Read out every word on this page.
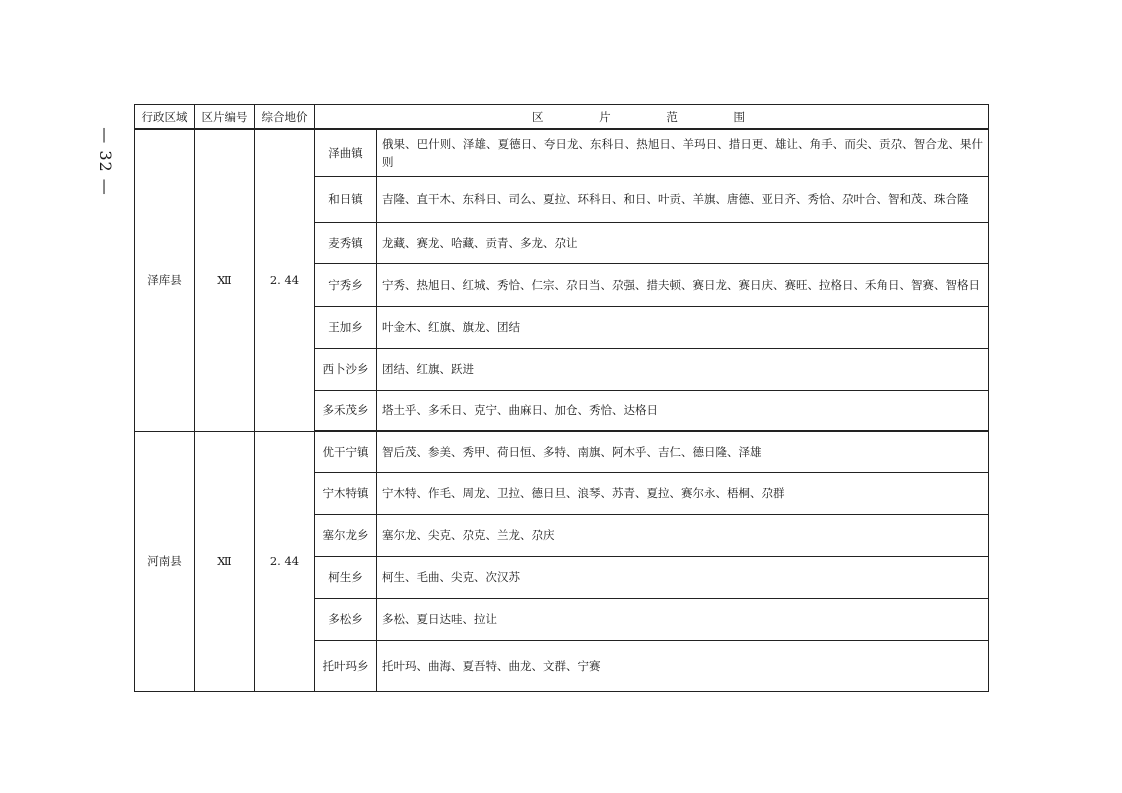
— 32 —
行政区域	区片编号	综合地价	区 片 范 围	
泽库县	Ⅻ	2. 44	泽曲镇	俄果、巴什则、泽雄、夏德日、夸日龙、东科日、热旭日、羊玛日、措日更、雄让、角手、而尖、贡尕、智合龙、果什则
			和日镇	吉隆、直干木、东科日、司么、夏拉、环科日、和日、叶贡、羊旗、唐德、亚日齐、秀恰、尕叶合、智和茂、珠合隆
			麦秀镇	龙藏、赛龙、哈藏、贡青、多龙、尕让
			宁秀乡	宁秀、热旭日、红城、秀恰、仁宗、尕日当、尕强、措夫顿、赛日龙、赛日庆、赛旺、拉格日、禾角日、智赛、智格日
			王加乡	叶金木、红旗、旗龙、团结
			西卜沙乡	团结、红旗、跃进
			多禾茂乡	塔土乎、多禾日、克宁、曲麻日、加仓、秀恰、达格日
河南县	Ⅻ	2. 44	优干宁镇	智后茂、参美、秀甲、荷日恒、多特、南旗、阿木乎、吉仁、德日隆、泽雄
			宁木特镇	宁木特、作毛、周龙、卫拉、德日旦、浪琴、苏青、夏拉、赛尔永、梧桐、尕群
			塞尔龙乡	塞尔龙、尖克、尕克、兰龙、尕庆
			柯生乡	柯生、毛曲、尖克、次汉苏
			多松乡	多松、夏日达哇、拉让
			托叶玛乡	托叶玛、曲海、夏吾特、曲龙、文群、宁赛
